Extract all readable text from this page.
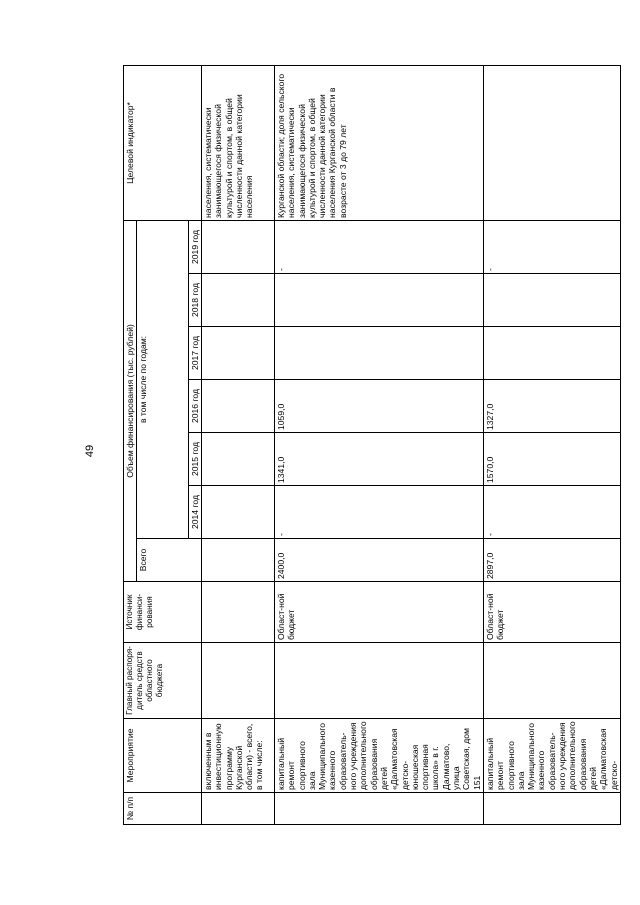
49
№ п/п	Мероприятие	Главный распоря-дитель средств областного бюджета	Источник финанси-рования	Объем финансирования (тыс. рублей)							Целевой индикатор*
				Всего	в том числе по годам:						
					2014 год	2015 год	2016 год	2017 год	2018 год	2019 год	
	включенным в инвестиционную программу Курганской области) - всего, в том числе:										населения, систематически занимающегося физической культурой и спортом, в общей численности данной категории населения
	капитальный ремонт спортивного зала Муниципального казенного образователь-ного учреждения дополнительного образования детей «Далматовская детско-юношеская спортивная школа» в г. Далматово, улица Советская, дом 151		Област-ной бюджет	2400,0	-	1341,0	1059,0			-	Курганской области; доля сельского населения, систематически занимающегося физической культурой и спортом, в общей численности данной категории населения Курганской области в возрасте от 3 до 79 лет
	капитальный ремонт спортивного зала Муниципального казенного образователь-ного учреждения дополнительного образования детей «Далматовская детско-		Област-ной бюджет	2897,0	-	1570,0	1327,0			-	
